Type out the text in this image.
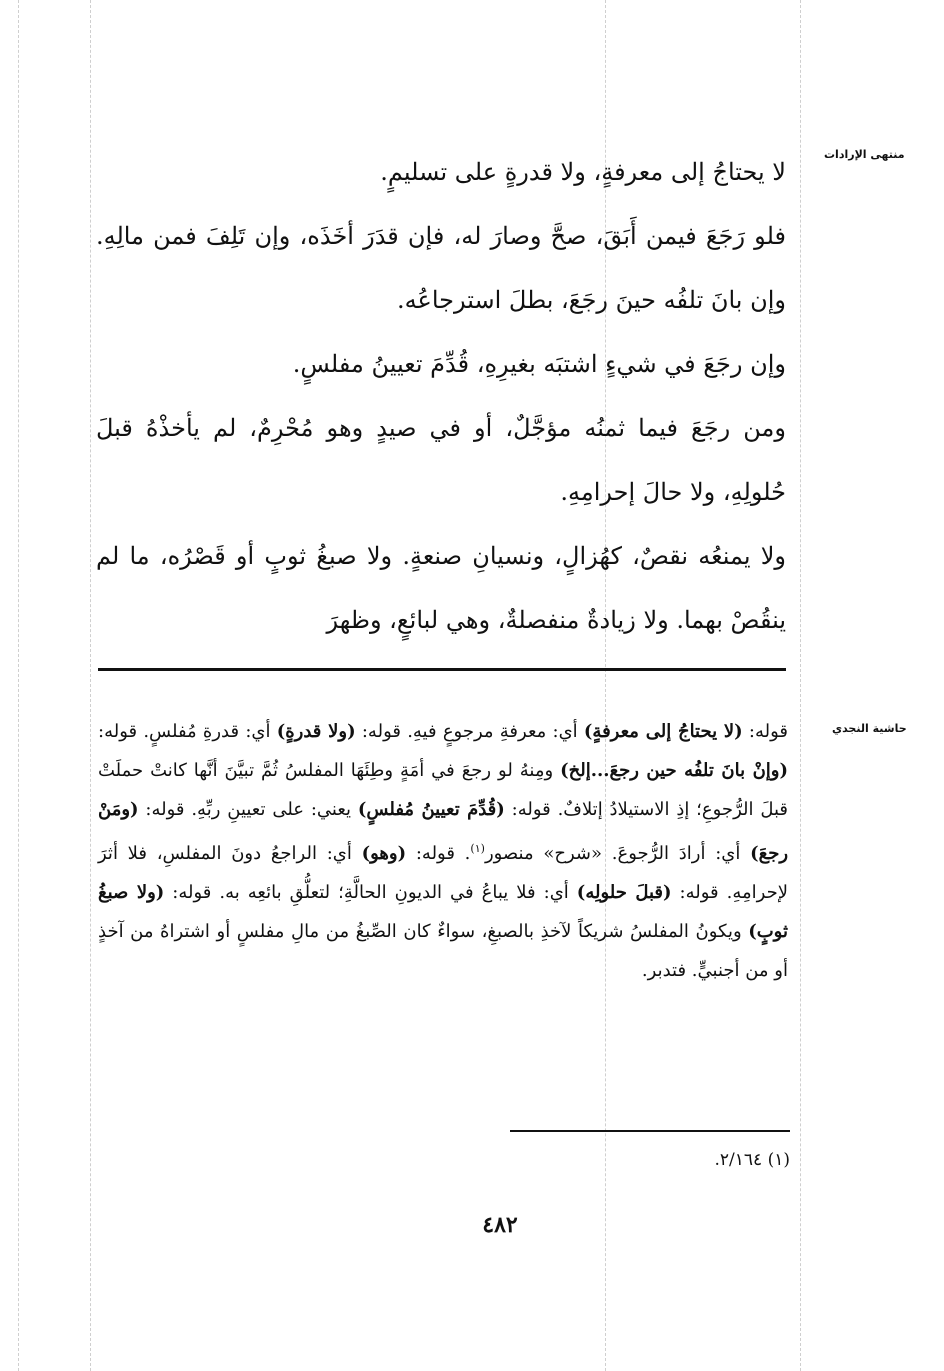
منتهى الإرادات
حاشية النجدي

لا يحتاجُ إلى معرفةٍ، ولا قدرةٍ على تسليمٍ.

فلو رَجَعَ فيمن أَبَقَ، صحَّ وصارَ له، فإن قدَرَ أخَذَه، وإن تَلِفَ فمن مالِهِ. وإن بانَ تلفُه حينَ رجَعَ، بطلَ استرجاعُه.

وإن رجَعَ في شيءٍ اشتبَه بغيرِهِ، قُدِّمَ تعيينُ مفلسٍ.

ومن رجَعَ فيما ثمنُه مؤجَّلٌ، أو في صيدٍ وهو مُحْرِمٌ، لم يأخذْهُ قبلَ حُلولِهِ، ولا حالَ إحرامِهِ.

ولا يمنعُه نقصٌ، كهُزالٍ، ونسيانِ صنعةٍ. ولا صبغُ ثوبٍ أو قَصْرُه، ما لم ينقُصْ بهما. ولا زيادةٌ منفصلةٌ، وهي لبائعٍ، وظهرَ

قوله: (لا يحتاجُ إلى معرفةٍ) أي: معرفةِ مرجوعٍ فيهِ. قوله: (ولا قدرةٍ) أي: قدرةِ مُفلسٍ. قوله: (وإنْ بانَ تلفُه حين رجعَ...إلخ) ومِنهُ لو رجعَ في أمَةٍ وطِئَهَا المفلسُ ثُمَّ تبيَّنَ أنَّها كانتْ حملَتْ قبلَ الرُّجوعِ؛ إذِ الاستيلادُ إتلافٌ. قوله: (قُدِّمَ تعيينُ مُفلسٍ) يعني: على تعيينِ ربِّهِ. قوله: (ومَنْ رجعَ) أي: أرادَ الرُّجوعَ. «شرح» منصور$^{(١)}$. قوله: (وهو) أي: الراجعُ دونَ المفلسِ، فلا أثرَ لإحرامِهِ. قوله: (قبلَ حلولِه) أي: فلا يباعُ في الديونِ الحالَّةِ؛ لتعلُّقِ بائعِه به. قوله: (ولا صبغُ ثوبٍ) ويكونُ المفلسُ شريكاً لآخذِ بالصبغِ، سواءٌ كان الصِّبغُ من مالِ مفلسٍ أو اشتراهُ من آخذٍ أو من أجنبيٍّ. فتدبر.
(١) ٢/١٦٤.
٤٨٢
